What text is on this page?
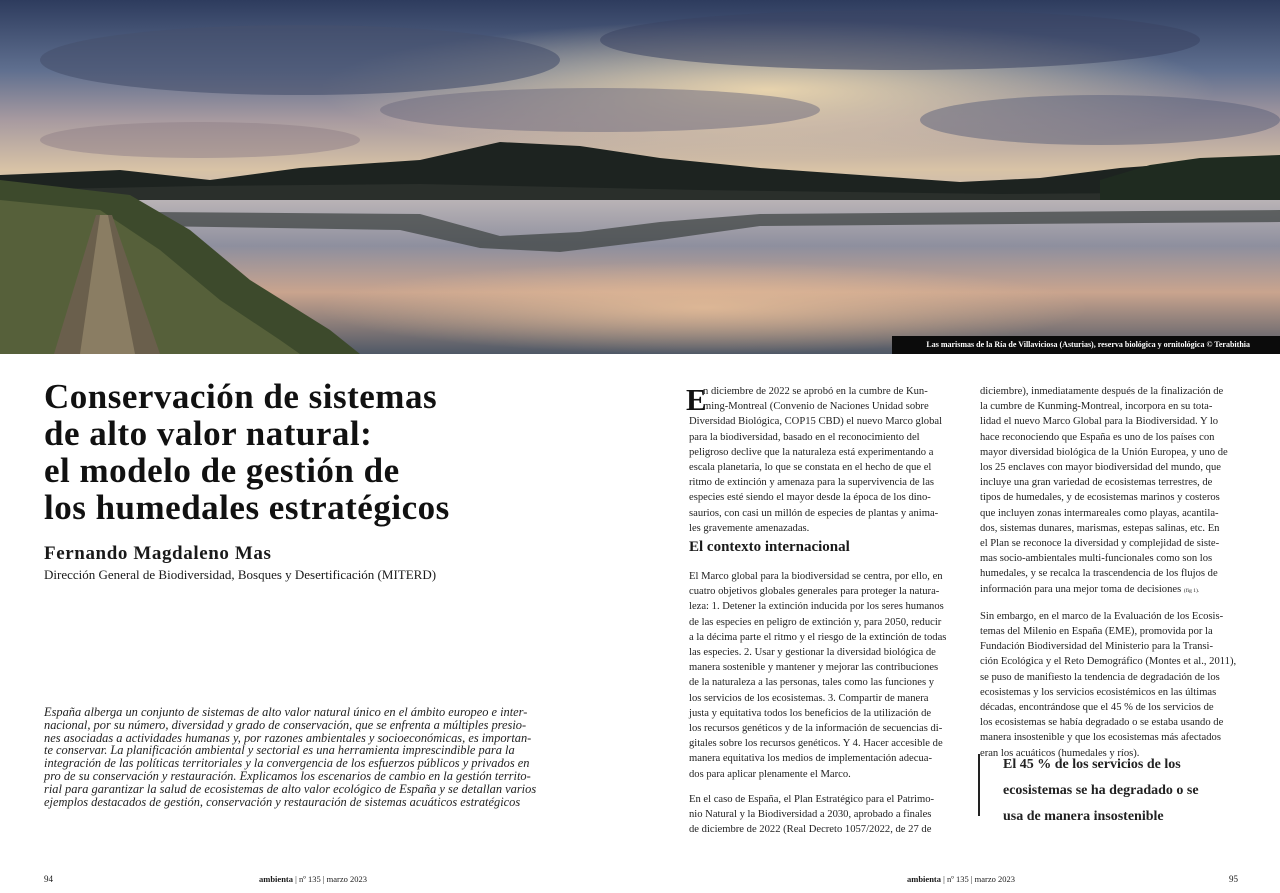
Las marismas de la Ría de Villaviciosa (Asturias), reserva biológica y ornitológica © Terabithia
Conservación de sistemas
de alto valor natural:
el modelo de gestión de
los humedales estratégicos
Fernando Magdaleno Mas
Dirección General de Biodiversidad, Bosques y Desertificación (MITERD)
España alberga un conjunto de sistemas de alto valor natural único en el ámbito europeo e inter-
nacional, por su número, diversidad y grado de conservación, que se enfrenta a múltiples presio-
nes asociadas a actividades humanas y, por razones ambientales y socioeconómicas, es importan-
te conservar. La planificación ambiental y sectorial es una herramienta imprescindible para la
integración de las políticas territoriales y la convergencia de los esfuerzos públicos y privados en
pro de su conservación y restauración. Explicamos los escenarios de cambio en la gestión territo-
rial para garantizar la salud de ecosistemas de alto valor ecológico de España y se detallan varios
ejemplos destacados de gestión, conservación y restauración de sistemas acuáticos estratégicos
E
n diciembre de 2022 se aprobó en la cumbre de Kun-
ming-Montreal (Convenio de Naciones Unidad sobre
Diversidad Biológica, COP15 CBD) el nuevo Marco global
para la biodiversidad, basado en el reconocimiento del
peligroso declive que la naturaleza está experimentando a
escala planetaria, lo que se constata en el hecho de que el
ritmo de extinción y amenaza para la supervivencia de las
especies esté siendo el mayor desde la época de los dino-
saurios, con casi un millón de especies de plantas y anima-
les gravemente amenazadas.
El contexto internacional
El Marco global para la biodiversidad se centra, por ello, en
cuatro objetivos globales generales para proteger la natura-
leza: 1. Detener la extinción inducida por los seres humanos
de las especies en peligro de extinción y, para 2050, reducir
a la décima parte el ritmo y el riesgo de la extinción de todas
las especies. 2. Usar y gestionar la diversidad biológica de
manera sostenible y mantener y mejorar las contribuciones
de la naturaleza a las personas, tales como las funciones y
los servicios de los ecosistemas. 3. Compartir de manera
justa y equitativa todos los beneficios de la utilización de
los recursos genéticos y de la información de secuencias di-
gitales sobre los recursos genéticos. Y 4. Hacer accesible de
manera equitativa los medios de implementación adecua-
dos para aplicar plenamente el Marco.
En el caso de España, el Plan Estratégico para el Patrimo-
nio Natural y la Biodiversidad a 2030, aprobado a finales
de diciembre de 2022 (Real Decreto 1057/2022, de 27 de
diciembre), inmediatamente después de la finalización de
la cumbre de Kunming-Montreal, incorpora en su tota-
lidad el nuevo Marco Global para la Biodiversidad. Y lo
hace reconociendo que España es uno de los países con
mayor diversidad biológica de la Unión Europea, y uno de
los 25 enclaves con mayor biodiversidad del mundo, que
incluye una gran variedad de ecosistemas terrestres, de
tipos de humedales, y de ecosistemas marinos y costeros
que incluyen zonas intermareales como playas, acantila-
dos, sistemas dunares, marismas, estepas salinas, etc. En
el Plan se reconoce la diversidad y complejidad de siste-
mas socio-ambientales multi-funcionales como son los
humedales, y se recalca la trascendencia de los flujos de
información para una mejor toma de decisiones (fig 1).
Sin embargo, en el marco de la Evaluación de los Ecosis-
temas del Milenio en España (EME), promovida por la
Fundación Biodiversidad del Ministerio para la Transi-
ción Ecológica y el Reto Demográfico (Montes et al., 2011),
se puso de manifiesto la tendencia de degradación de los
ecosistemas y los servicios ecosistémicos en las últimas
décadas, encontrándose que el 45 % de los servicios de
los ecosistemas se había degradado o se estaba usando de
manera insostenible y que los ecosistemas más afectados
eran los acuáticos (humedales y ríos).
El 45 % de los servicios de los
ecosistemas se ha degradado o se
usa de manera insostenible
94	ambienta | nº 135 | marzo 2023	ambienta | nº 135 | marzo 2023	95
